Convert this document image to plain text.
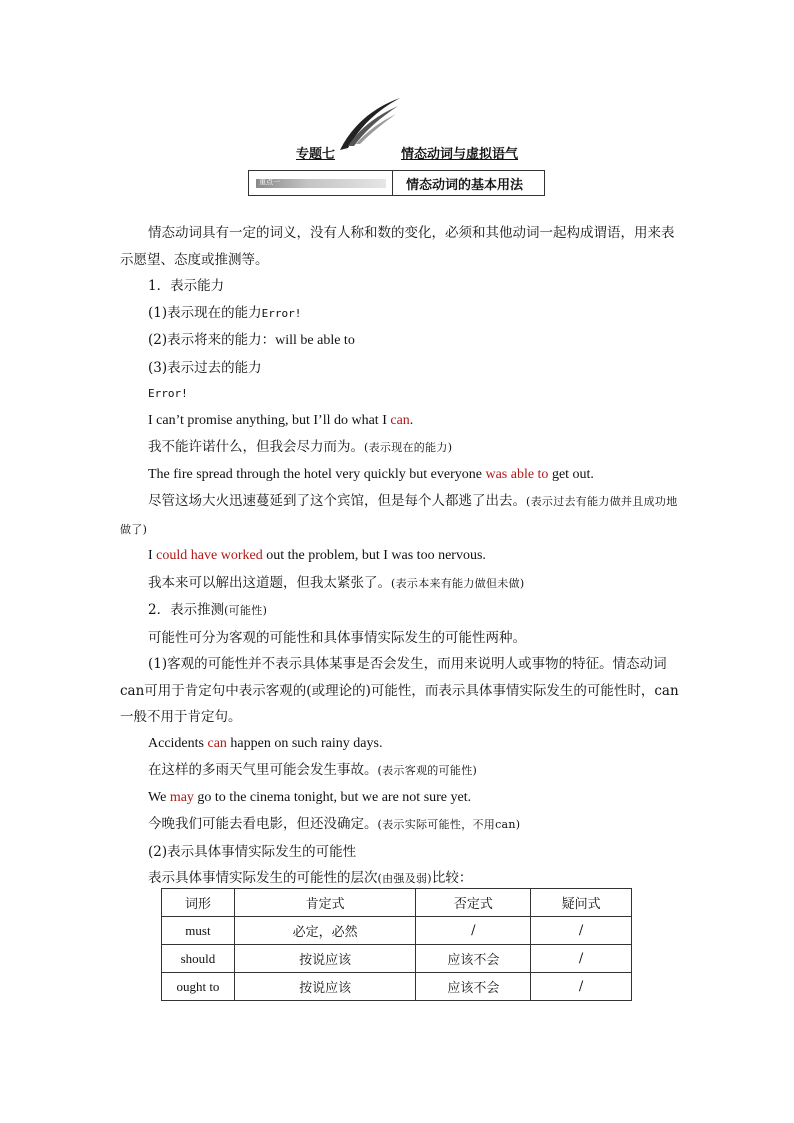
专题七	情态动词与虚拟语气
重点一	情态动词的基本用法

情态动词具有一定的词义，没有人称和数的变化，必须和其他动词一起构成谓语，用来表示愿望、态度或推测等。

1．表示能力

(1)表示现在的能力Error!

(2)表示将来的能力：will be able to

(3)表示过去的能力

Error!

I can’t promise anything, but I’ll do what I can.

我不能许诺什么，但我会尽力而为。(表示现在的能力)

The fire spread through the hotel very quickly but everyone was able to get out.

尽管这场大火迅速蔓延到了这个宾馆，但是每个人都逃了出去。(表示过去有能力做并且成功地做了)

I could have worked out the problem, but I was too nervous.

我本来可以解出这道题，但我太紧张了。(表示本来有能力做但未做)

2．表示推测(可能性)

可能性可分为客观的可能性和具体事情实际发生的可能性两种。

(1)客观的可能性并不表示具体某事是否会发生，而用来说明人或事物的特征。情态动词can可用于肯定句中表示客观的(或理论的)可能性，而表示具体事情实际发生的可能性时，can一般不用于肯定句。

Accidents can happen on such rainy days.

在这样的多雨天气里可能会发生事故。(表示客观的可能性)

We may go to the cinema tonight, but we are not sure yet.

今晚我们可能去看电影，但还没确定。(表示实际可能性，不用can)

(2)表示具体事情实际发生的可能性

表示具体事情实际发生的可能性的层次(由强及弱)比较：

词形	肯定式	否定式	疑问式
must	必定，必然	/	/
should	按说应该	应该不会	/
ought to	按说应该	应该不会	/
